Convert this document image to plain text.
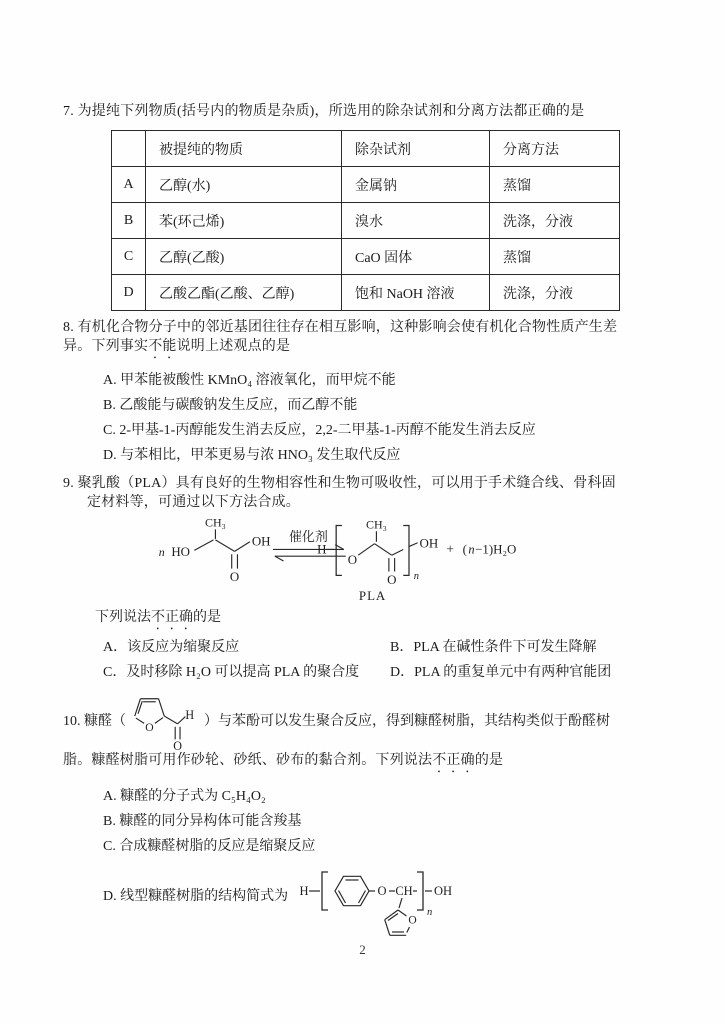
7. 为提纯下列物质(括号内的物质是杂质)，所选用的除杂试剂和分离方法都正确的是
	被提纯的物质	除杂试剂	分离方法
A	乙醇(水)	金属钠	蒸馏
B	苯(环己烯)	溴水	洗涤，分液
C	乙醇(乙酸)	CaO 固体	蒸馏
D	乙酸乙酯(乙酸、乙醇)	饱和 NaOH 溶液	洗涤，分液
8. 有机化合物分子中的邻近基团往往存在相互影响，这种影响会使有机化合物性质产生差
异。下列事实不能说明上述观点的是
A. 甲苯能被酸性 KMnO₄ 溶液氧化，而甲烷不能
B. 乙酸能与碳酸钠发生反应，而乙醇不能
C. 2-甲基-1-丙醇能发生消去反应，2,2-二甲基-1-丙醇不能发生消去反应
D. 与苯相比，甲苯更易与浓 HNO₃ 发生取代反应
9. 聚乳酸（PLA）具有良好的生物相容性和生物可吸收性，可以用于手术缝合线、骨科固
定材料等，可通过以下方法合成。
n HO
CH₃
OH
O
催化剂
H
O
CH₃
O n
OH + ( n −1)H₂O
PLA
下列说法不正确的是
A．该反应为缩聚反应	B．PLA 在碱性条件下可发生降解
C．及时移除 H₂O 可以提高 PLA 的聚合度	D．PLA 的重复单元中有两种官能团
10. 糠醛（ O
H
O
）与苯酚可以发生聚合反应，得到糠醛树脂，其结构类似于酚醛树
脂。糠醛树脂可用作砂轮、砂纸、砂布的黏合剂。下列说法不正确的是
A. 糠醛的分子式为 C₅H₄O₂
B. 糠醛的同分异构体可能含羧基
C. 合成糠醛树脂的反应是缩聚反应
D. 线型糠醛树脂的结构简式为 H	O CH
n
OH
O
2
